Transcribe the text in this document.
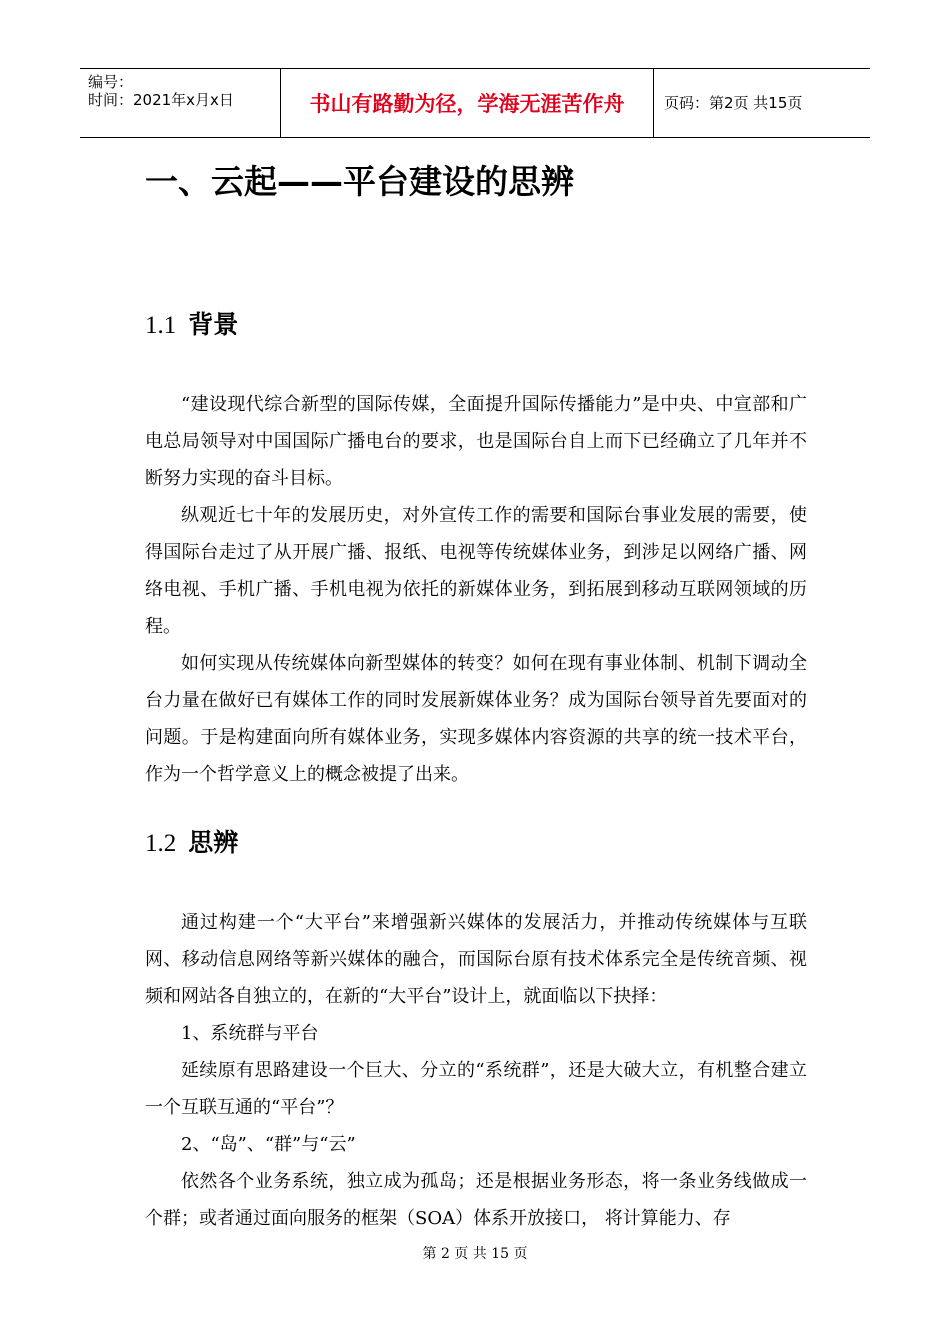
编号：
时间：2021年x月x日	书山有路勤为径，学海无涯苦作舟	页码：第2页 共15页
一、云起——平台建设的思辨
1.1 背景

“建设现代综合新型的国际传媒，全面提升国际传播能力”是中央、中宣部和广电总局领导对中国国际广播电台的要求，也是国际台自上而下已经确立了几年并不断努力实现的奋斗目标。

纵观近七十年的发展历史，对外宣传工作的需要和国际台事业发展的需要，使得国际台走过了从开展广播、报纸、电视等传统媒体业务，到涉足以网络广播、网络电视、手机广播、手机电视为依托的新媒体业务，到拓展到移动互联网领域的历程。

如何实现从传统媒体向新型媒体的转变？如何在现有事业体制、机制下调动全台力量在做好已有媒体工作的同时发展新媒体业务？成为国际台领导首先要面对的问题。于是构建面向所有媒体业务，实现多媒体内容资源的共享的统一技术平台，作为一个哲学意义上的概念被提了出来。

1.2 思辨

通过构建一个“大平台”来增强新兴媒体的发展活力，并推动传统媒体与互联网、移动信息网络等新兴媒体的融合，而国际台原有技术体系完全是传统音频、视频和网站各自独立的，在新的“大平台”设计上，就面临以下抉择：

1、系统群与平台

延续原有思路建设一个巨大、分立的“系统群”，还是大破大立，有机整合建立一个互联互通的“平台”？

2、“岛”、“群”与“云”

依然各个业务系统，独立成为孤岛；还是根据业务形态，将一条业务线做成一个群；或者通过面向服务的框架（SOA）体系开放接口， 将计算能力、存

第 2 页 共 15 页
